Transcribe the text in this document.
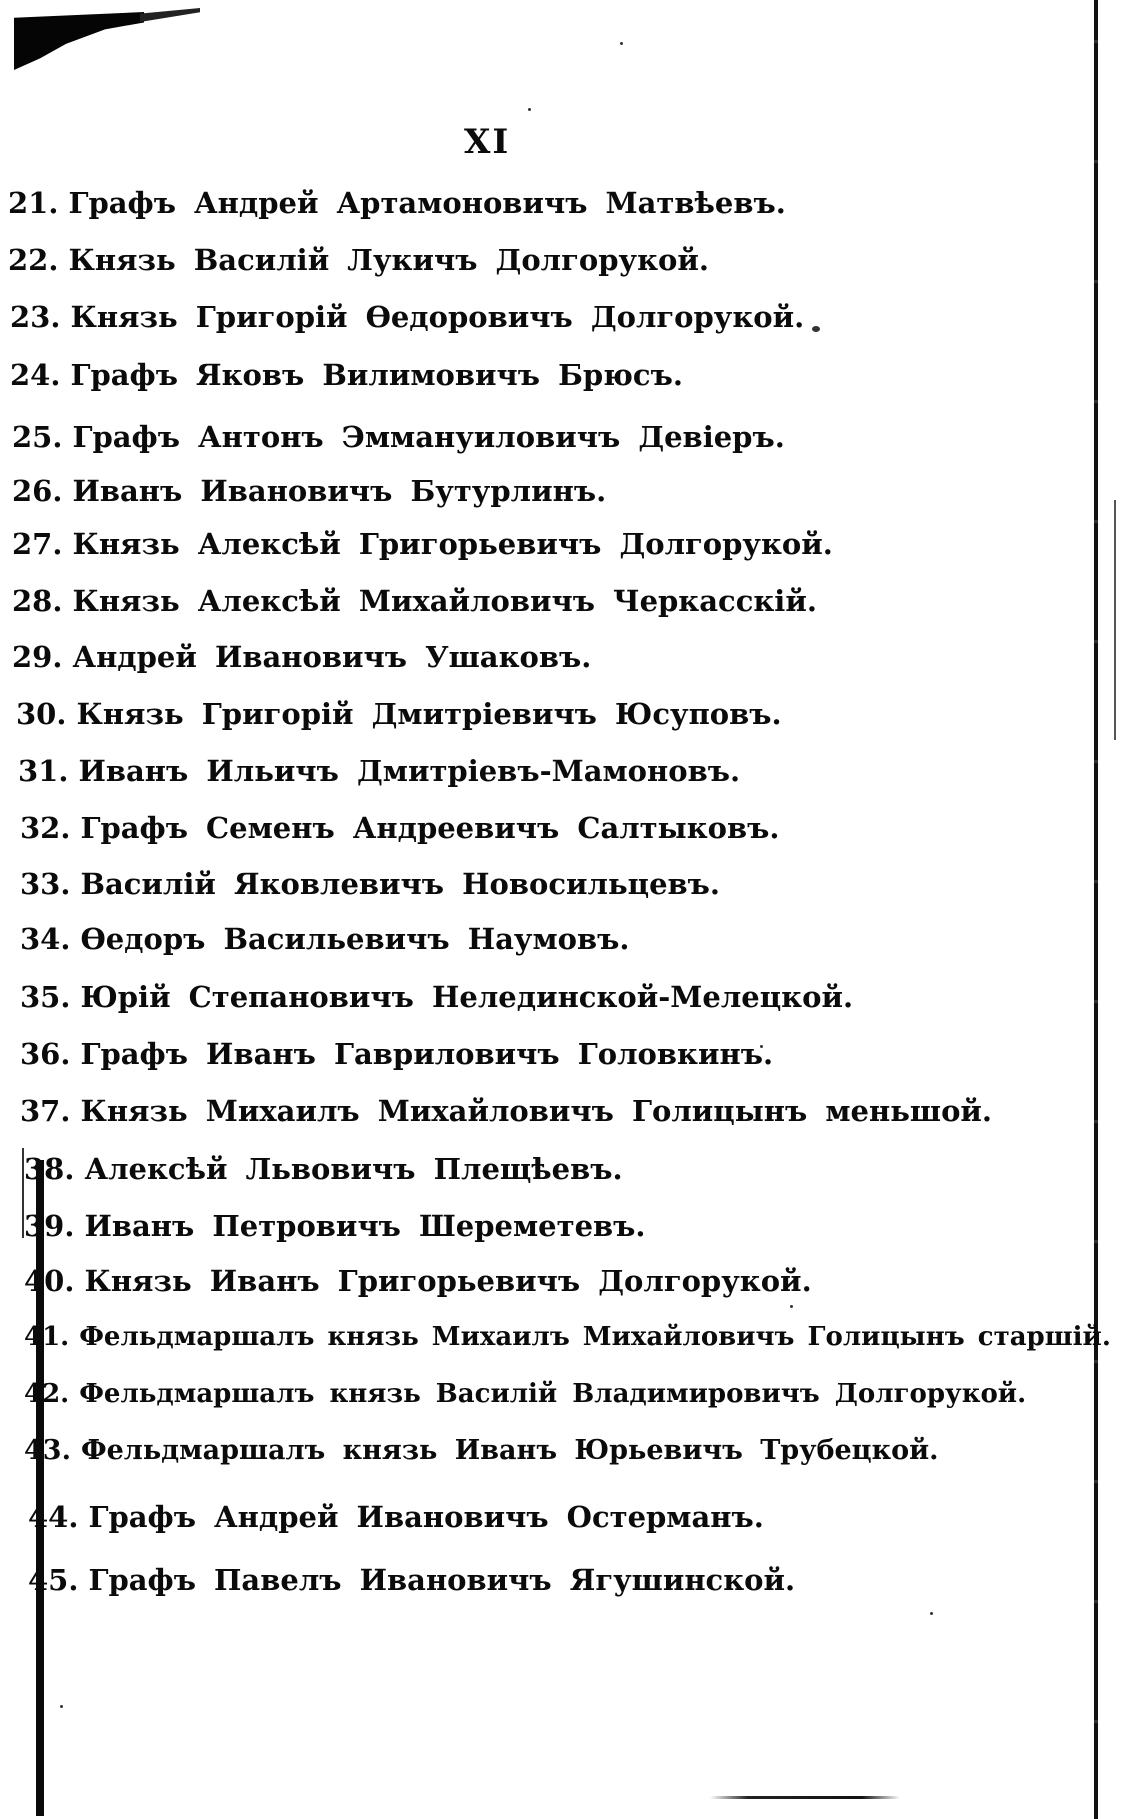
XI
21. Графъ Андрей Артамоновичъ Матвѣевъ.
22. Князь Василій Лукичъ Долгорукой.
23. Князь Григорій Ѳедоровичъ Долгорукой.
24. Графъ Яковъ Вилимовичъ Брюсъ.
25. Графъ Антонъ Эммануиловичъ Девіеръ.
26. Иванъ Ивановичъ Бутурлинъ.
27. Князь Алексѣй Григорьевичъ Долгорукой.
28. Князь Алексѣй Михайловичъ Черкасскій.
29. Андрей Ивановичъ Ушаковъ.
30. Князь Григорій Дмитріевичъ Юсуповъ.
31. Иванъ Ильичъ Дмитріевъ-Мамоновъ.
32. Графъ Семенъ Андреевичъ Салтыковъ.
33. Василій Яковлевичъ Новосильцевъ.
34. Ѳедоръ Васильевичъ Наумовъ.
35. Юрій Степановичъ Нелединской-Мелецкой.
36. Графъ Иванъ Гавриловичъ Головкинъ.
37. Князь Михаилъ Михайловичъ Голицынъ меньшой.
38. Алексѣй Львовичъ Плещѣевъ.
39. Иванъ Петровичъ Шереметевъ.
40. Князь Иванъ Григорьевичъ Долгорукой.
41. Фельдмаршалъ князь Михаилъ Михайловичъ Голицынъ старшій.
42. Фельдмаршалъ князь Василій Владимировичъ Долгорукой.
43. Фельдмаршалъ князь Иванъ Юрьевичъ Трубецкой.
44. Графъ Андрей Ивановичъ Остерманъ.
45. Графъ Павелъ Ивановичъ Ягушинской.
